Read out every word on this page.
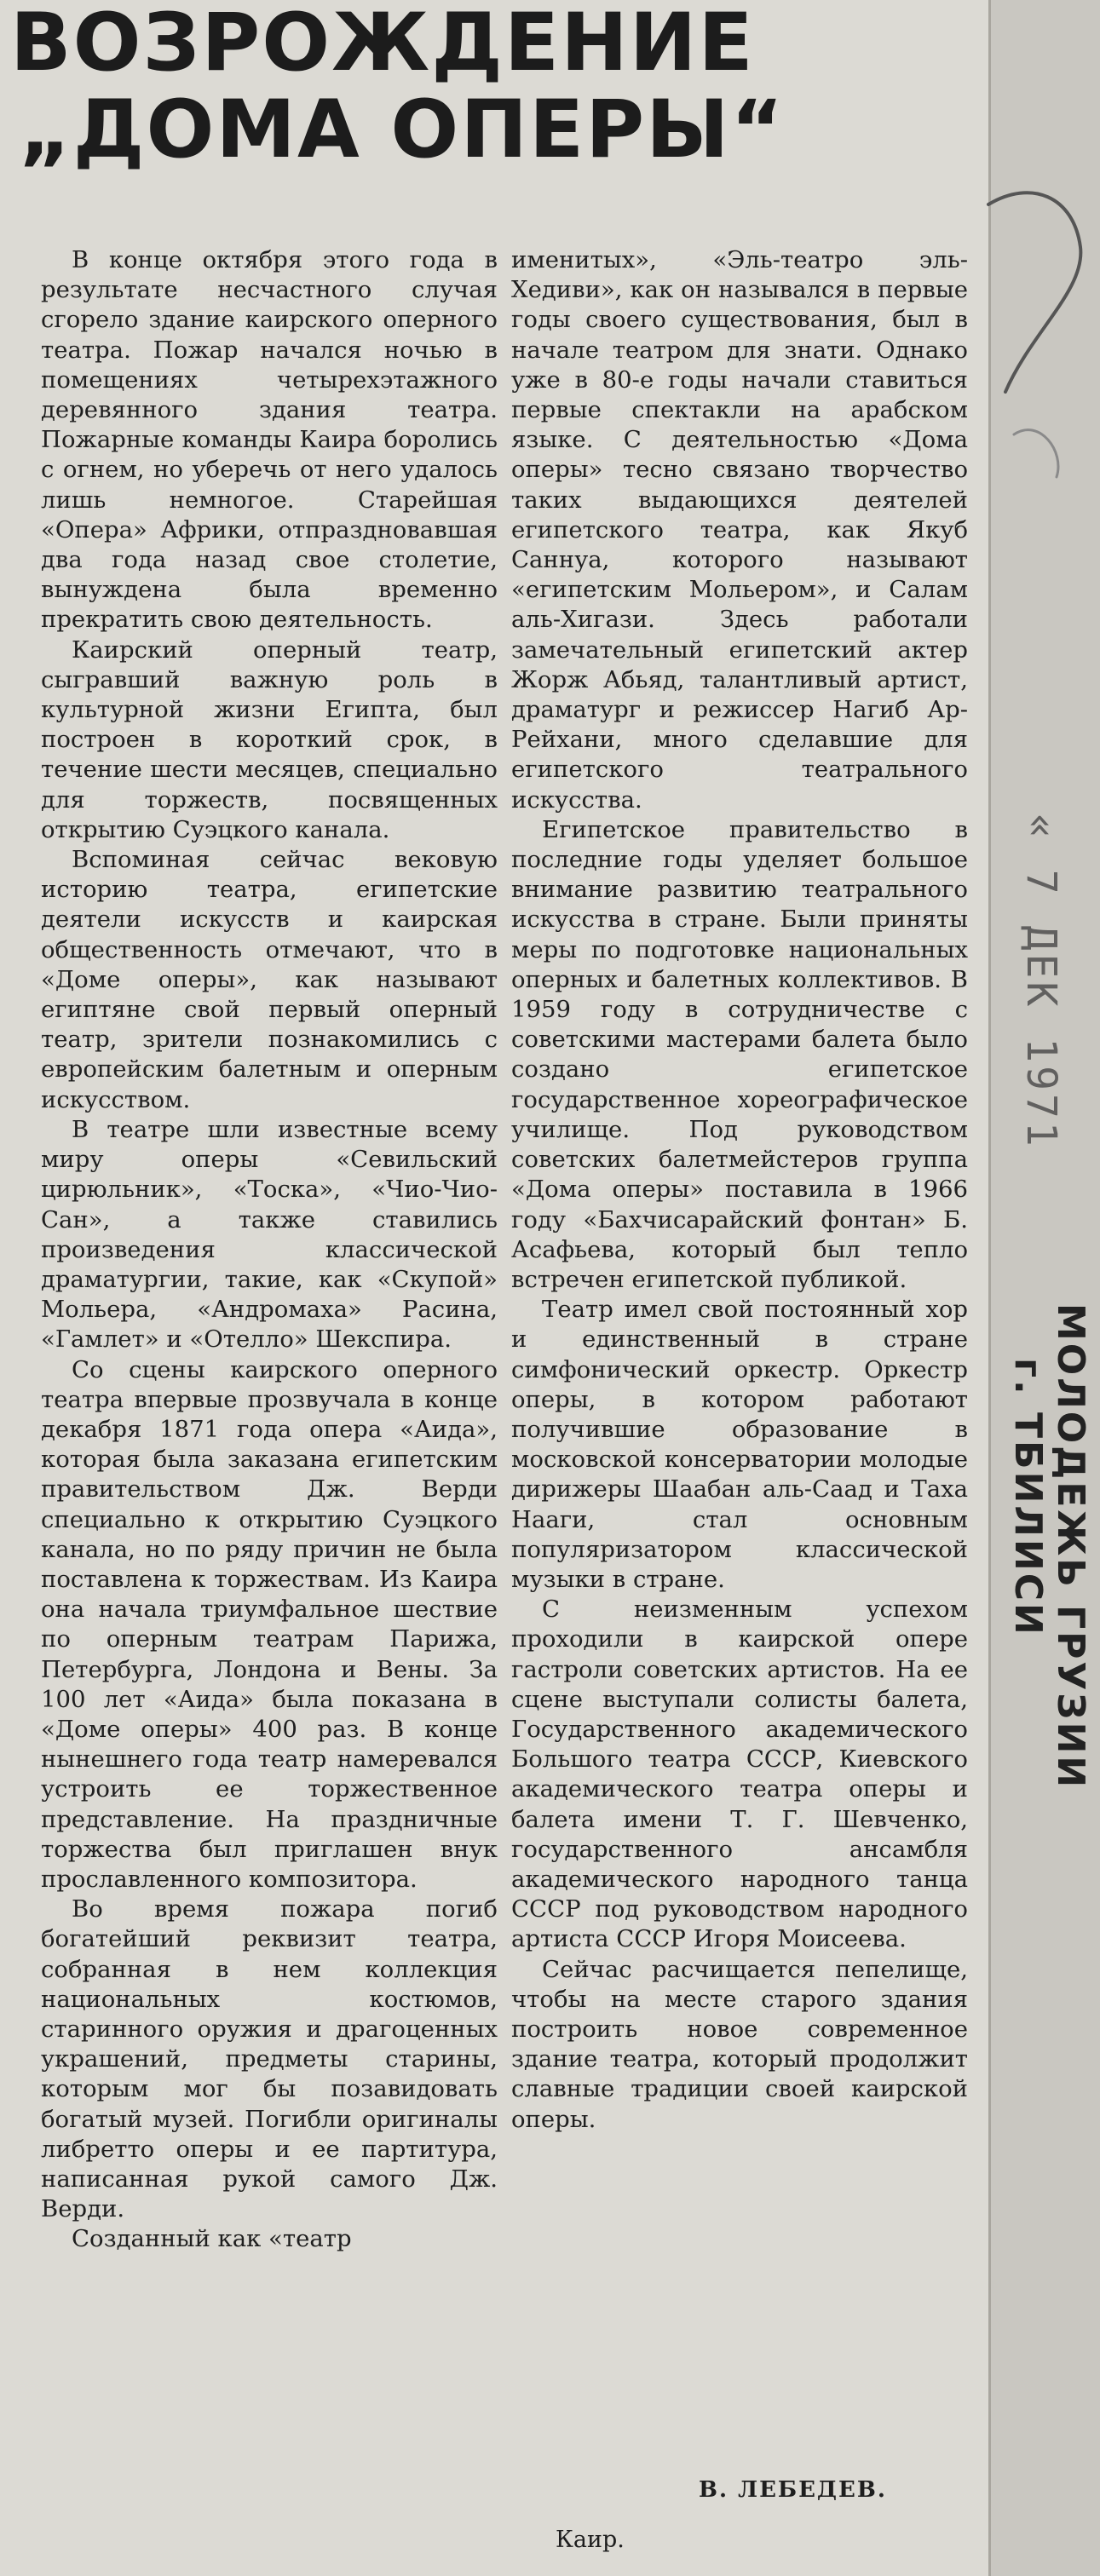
ВОЗРОЖДЕНИЕ
„ДОМА ОПЕРЫ“

В конце октября этого года в результате несчастного случая сгорело здание каирского оперного театра. Пожар начался ночью в помещениях четырехэтажного деревянного здания театра. Пожарные команды Каира боролись с огнем, но уберечь от него удалось лишь немногое. Старейшая «Опера» Африки, отпраздновавшая два года назад свое столетие, вынуждена была временно прекратить свою деятельность.

Каирский оперный театр, сыгравший важную роль в культурной жизни Египта, был построен в короткий срок, в течение шести месяцев, специально для торжеств, посвященных открытию Суэцкого канала.

Вспоминая сейчас вековую историю театра, египетские деятели искусств и каирская общественность отмечают, что в «Доме оперы», как называют египтяне свой первый оперный театр, зрители познакомились с европейским балетным и оперным искусством.

В театре шли известные всему миру оперы «Севильский цирюльник», «Тоска», «Чио-Чио-Сан», а также ставились произведения классической драматургии, такие, как «Скупой» Мольера, «Андромаха» Расина, «Гамлет» и «Отелло» Шекспира.

Со сцены каирского оперного театра впервые прозвучала в конце декабря 1871 года опера «Аида», которая была заказана египетским правительством Дж. Верди специально к открытию Суэцкого канала, но по ряду причин не была поставлена к торжествам. Из Каира она начала триумфальное шествие по оперным театрам Парижа, Петербурга, Лондона и Вены. За 100 лет «Аида» была показана в «Доме оперы» 400 раз. В конце нынешнего года театр намеревался устроить ее торжественное представление. На праздничные торжества был приглашен внук прославленного композитора.

Во время пожара погиб богатейший реквизит театра, собранная в нем коллекция национальных костюмов, старинного оружия и драгоценных украшений, предметы старины, которым мог бы позавидовать богатый музей. Погибли оригиналы либретто оперы и ее партитура, написанная рукой самого Дж. Верди.

Созданный как «театр

именитых», «Эль-театро эль-Хедиви», как он назывался в первые годы своего существования, был в начале театром для знати. Однако уже в 80-е годы начали ставиться первые спектакли на арабском языке. С деятельностью «Дома оперы» тесно связано творчество таких выдающихся деятелей египетского театра, как Якуб Саннуа, которого называют «египетским Мольером», и Салам аль-Хигази. Здесь работали замечательный египетский актер Жорж Абьяд, талантливый артист, драматург и режиссер Нагиб Ар-Рейхани, много сделавшие для египетского театрального искусства.

Египетское правительство в последние годы уделяет большое внимание развитию театрального искусства в стране. Были приняты меры по подготовке национальных оперных и балетных коллективов. В 1959 году в сотрудничестве с советскими мастерами балета было создано египетское государственное хореографическое училище. Под руководством советских балетмейстеров группа «Дома оперы» поставила в 1966 году «Бахчисарайский фонтан» Б. Асафьева, который был тепло встречен египетской публикой.

Театр имел свой постоянный хор и единственный в стране симфонический оркестр. Оркестр оперы, в котором работают получившие образование в московской консерватории молодые дирижеры Шаабан аль-Саад и Таха Нааги, стал основным популяризатором классической музыки в стране.

С неизменным успехом проходили в каирской опере гастроли советских артистов. На ее сцене выступали солисты балета, Государственного академического Большого театра СССР, Киевского академического театра оперы и балета имени Т. Г. Шевченко, государственного ансамбля академического народного танца СССР под руководством народного артиста СССР Игоря Моисеева.

Сейчас расчищается пепелище, чтобы на месте старого здания построить новое современное здание театра, который продолжит славные традиции своей каирской оперы.

В. ЛЕБЕДЕВ.
Каир.
« 7 ДЕК 1971
МОЛОДЕЖЬ ГРУЗИИ
г. ТБИЛИСИ
